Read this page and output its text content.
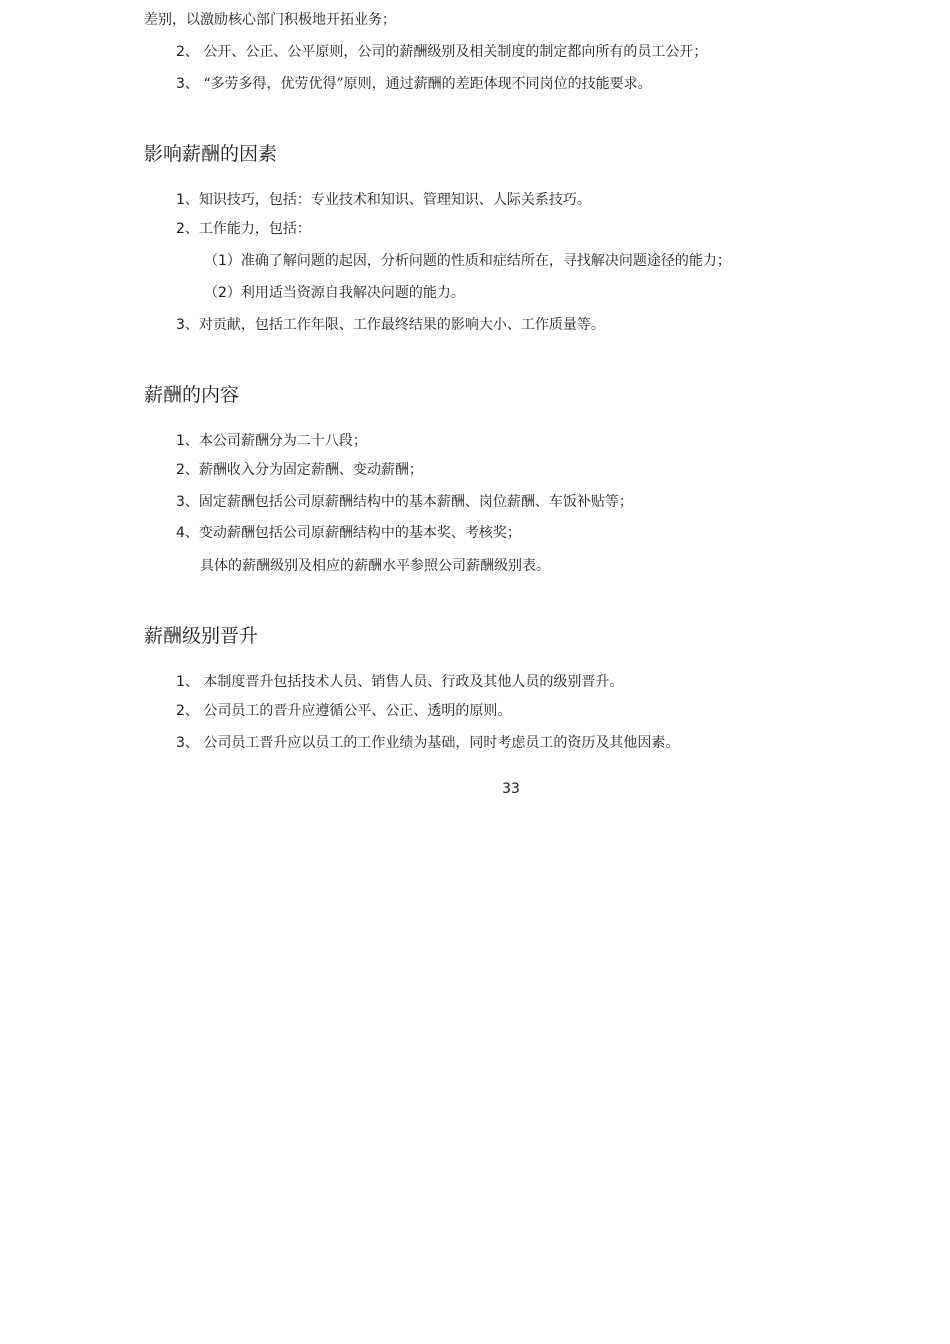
差别，以激励核心部门积极地开拓业务；
2、 公开、公正、公平原则，公司的薪酬级别及相关制度的制定都向所有的员工公开；
3、 “多劳多得，优劳优得”原则，通过薪酬的差距体现不同岗位的技能要求。
影响薪酬的因素
1、知识技巧，包括：专业技术和知识、管理知识、人际关系技巧。
2、工作能力，包括：
（1）准确了解问题的起因，分析问题的性质和症结所在，寻找解决问题途径的能力；
（2）利用适当资源自我解决问题的能力。
3、对贡献，包括工作年限、工作最终结果的影响大小、工作质量等。
薪酬的内容
1、本公司薪酬分为二十八段；
2、薪酬收入分为固定薪酬、变动薪酬；
3、固定薪酬包括公司原薪酬结构中的基本薪酬、岗位薪酬、车饭补贴等；
4、变动薪酬包括公司原薪酬结构中的基本奖、考核奖；
具体的薪酬级别及相应的薪酬水平参照公司薪酬级别表。
薪酬级别晋升
1、 本制度晋升包括技术人员、销售人员、行政及其他人员的级别晋升。
2、 公司员工的晋升应遵循公平、公正、透明的原则。
3、 公司员工晋升应以员工的工作业绩为基础，同时考虑员工的资历及其他因素。
33
